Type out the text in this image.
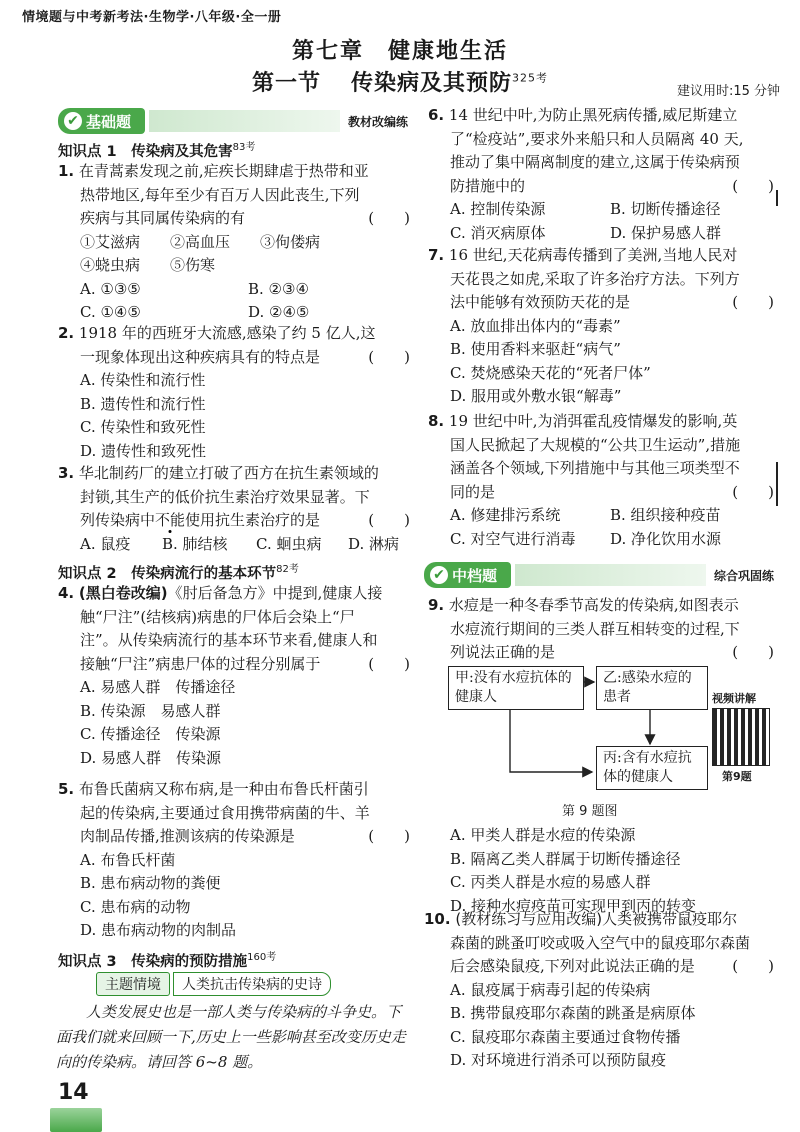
情境题与中考新考法·生物学·八年级·全一册
第七章　健康地生活
第一节 传染病及其预防$^{325考}$
建议用时:15 分钟
✔ 基础题	教材改编练
知识点 1　传染病及其危害$^{83考}$
1. 在青蒿素发现之前,疟疾长期肆虐于热带和亚
热带地区,每年至少有百万人因此丧生,下列
疾病与其同属传染病的有	(　　)
①艾滋病　　②高血压　　③佝偻病
④蛲虫病　　⑤伤寒
A. ①③⑤	B. ②③④
C. ①④⑤	D. ②④⑤
2. 1918 年的西班牙大流感,感染了约 5 亿人,这
一现象体现出这种疾病具有的特点是	(　　)
A. 传染性和流行性
B. 遗传性和流行性
C. 传染性和致死性
D. 遗传性和致死性
3. 华北制药厂的建立打破了西方在抗生素领域的
封锁,其生产的低价抗生素治疗效果显著。下
列传染病中不能使用抗生素治疗的是	(　　)
A. 鼠疫	B. 肺结核	C. 蛔虫病	D. 淋病
知识点 2　传染病流行的基本环节$^{82考}$
4. (黑白卷改编)《肘后备急方》中提到,健康人接
触“尸注”(结核病)病患的尸体后会染上“尸
注”。从传染病流行的基本环节来看,健康人和
接触“尸注”病患尸体的过程分别属于	(　　)
A. 易感人群　传播途径
B. 传染源　易感人群
C. 传播途径　传染源
D. 易感人群　传染源
5. 布鲁氏菌病又称布病,是一种由布鲁氏杆菌引
起的传染病,主要通过食用携带病菌的牛、羊
肉制品传播,推测该病的传染源是	(　　)
A. 布鲁氏杆菌
B. 患布病动物的粪便
C. 患布病的动物
D. 患布病动物的肉制品
知识点 3　传染病的预防措施$^{160考}$
主题情境	人类抗击传染病的史诗
人类发展史也是一部人类与传染病的斗争史。下面我们就来回顾一下,历史上一些影响甚至改变历史走向的传染病。请回答 6~8 题。
14
6. 14 世纪中叶,为防止黑死病传播,威尼斯建立
了“检疫站”,要求外来船只和人员隔离 40 天,
推动了集中隔离制度的建立,这属于传染病预
防措施中的	(　　)
A. 控制传染源	B. 切断传播途径
C. 消灭病原体	D. 保护易感人群
7. 16 世纪,天花病毒传播到了美洲,当地人民对
天花畏之如虎,采取了许多治疗方法。下列方
法中能够有效预防天花的是	(　　)
A. 放血排出体内的“毒素”
B. 使用香料来驱赶“病气”
C. 焚烧感染天花的“死者尸体”
D. 服用或外敷水银“解毒”
8. 19 世纪中叶,为消弭霍乱疫情爆发的影响,英
国人民掀起了大规模的“公共卫生运动”,措施
涵盖各个领域,下列措施中与其他三项类型不
同的是	(　　)
A. 修建排污系统	B. 组织接种疫苗
C. 对空气进行消毒	D. 净化饮用水源
✔ 中档题	综合巩固练
9. 水痘是一种冬春季节高发的传染病,如图表示
水痘流行期间的三类人群互相转变的过程,下
列说法正确的是	(　　)
甲:没有水痘抗体的健康人
乙:感染水痘的患者
丙:含有水痘抗体的健康人
视频讲解
第9题
第 9 题图
A. 甲类人群是水痘的传染源
B. 隔离乙类人群属于切断传播途径
C. 丙类人群是水痘的易感人群
D. 接种水痘疫苗可实现甲到丙的转变
10. (教材练习与应用改编)人类被携带鼠疫耶尔
森菌的跳蚤叮咬或吸入空气中的鼠疫耶尔森菌
后会感染鼠疫,下列对此说法正确的是	(　　)
A. 鼠疫属于病毒引起的传染病
B. 携带鼠疫耶尔森菌的跳蚤是病原体
C. 鼠疫耶尔森菌主要通过食物传播
D. 对环境进行消杀可以预防鼠疫
